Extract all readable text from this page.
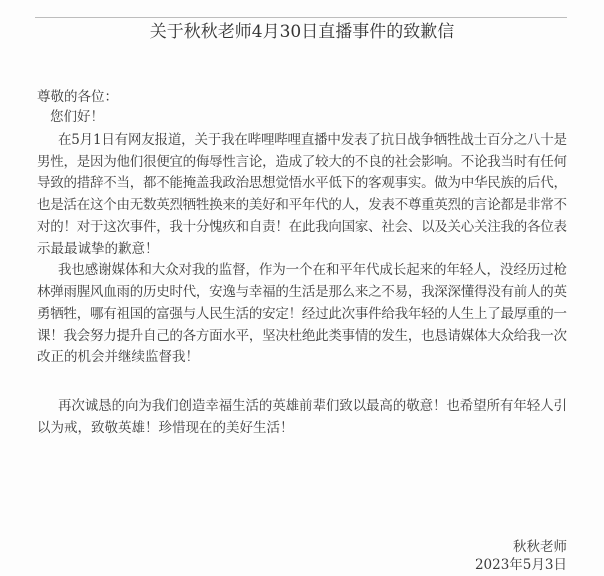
关于秋秋老师4月30日直播事件的致歉信
尊敬的各位：
您们好！
在5月1日有网友报道，关于我在哔哩哔哩直播中发表了抗日战争牺牲战士百分之八十是
男性，是因为他们很便宜的侮辱性言论，造成了较大的不良的社会影响。不论我当时有任何
导致的措辞不当，都不能掩盖我政治思想觉悟水平低下的客观事实。做为中华民族的后代，
也是活在这个由无数英烈牺牲换来的美好和平年代的人，发表不尊重英烈的言论都是非常不
对的！对于这次事件，我十分愧疚和自责！在此我向国家、社会、以及关心关注我的各位表
示最最诚挚的歉意！
我也感谢媒体和大众对我的监督，作为一个在和平年代成长起来的年轻人，没经历过枪
林弹雨腥风血雨的历史时代，安逸与幸福的生活是那么来之不易，我深深懂得没有前人的英
勇牺牲，哪有祖国的富强与人民生活的安定！经过此次事件给我年轻的人生上了最厚重的一
课！我会努力提升自己的各方面水平，坚决杜绝此类事情的发生，也恳请媒体大众给我一次
改正的机会并继续监督我！
再次诚恳的向为我们创造幸福生活的英雄前辈们致以最高的敬意！也希望所有年轻人引
以为戒，致敬英雄！珍惜现在的美好生活！
秋秋老师
2023年5月3日
